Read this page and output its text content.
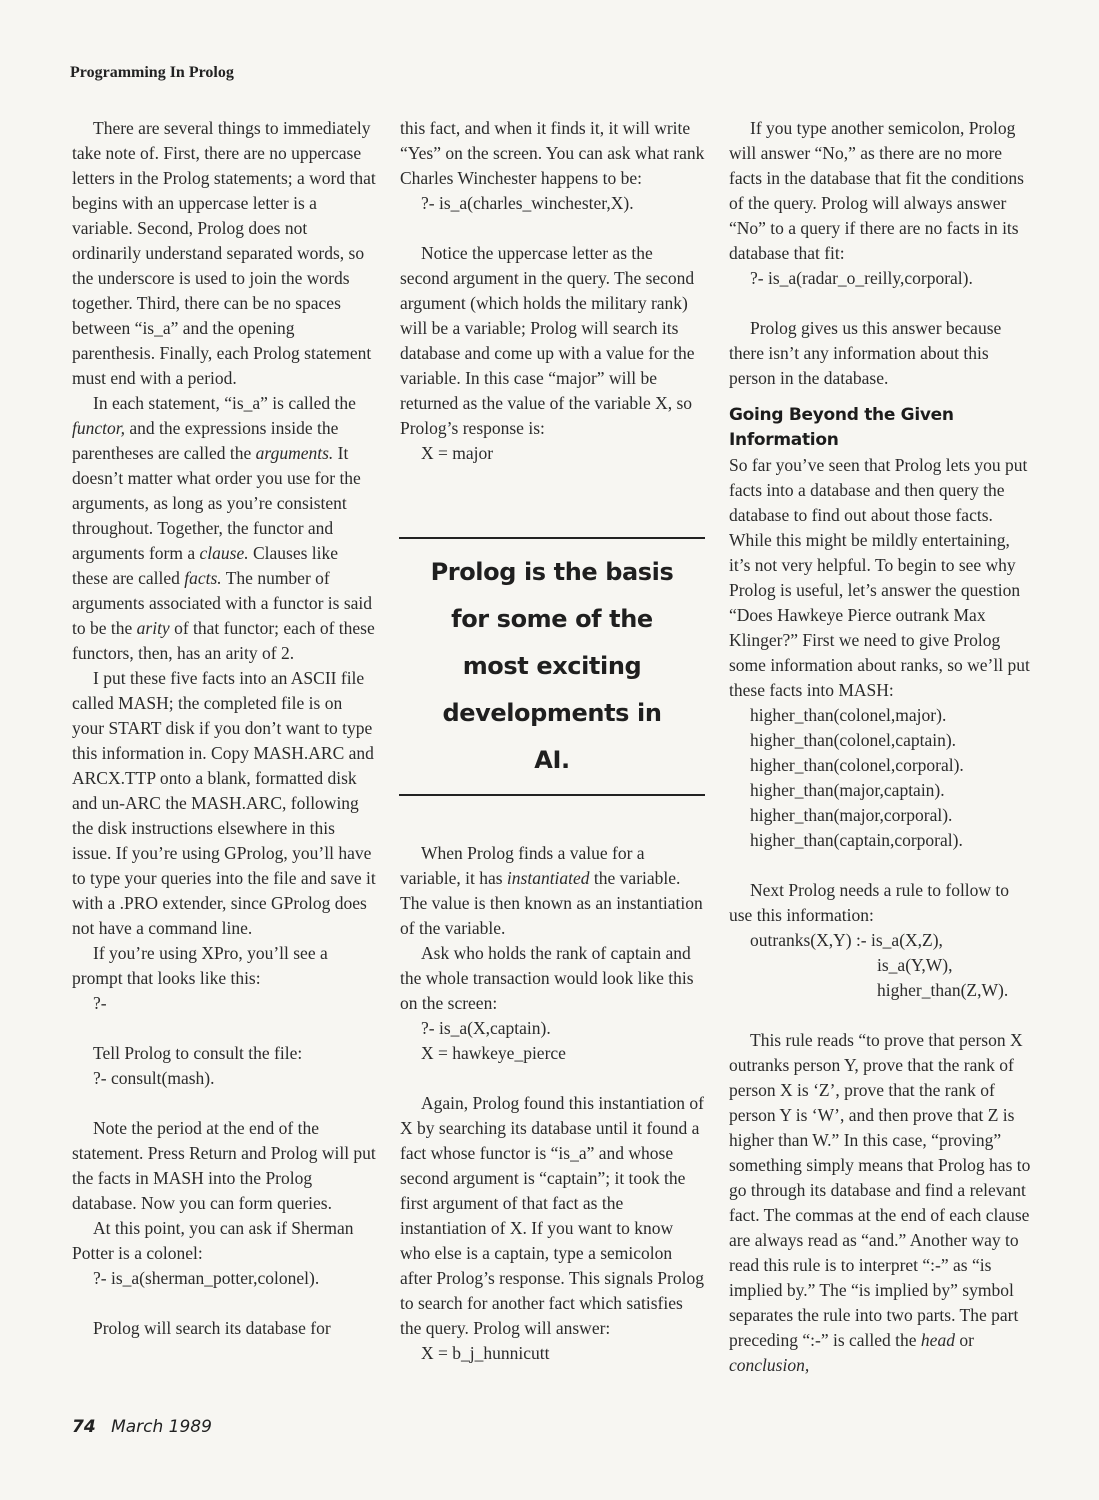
Programming In Prolog

There are several things to immediately take note of. First, there are no uppercase letters in the Prolog statements; a word that begins with an uppercase letter is a variable. Second, Prolog does not ordinarily understand separated words, so the underscore is used to join the words together. Third, there can be no spaces between “is_a” and the opening parenthesis. Finally, each Prolog statement must end with a period.

In each statement, “is_a” is called the functor, and the expressions inside the parentheses are called the arguments. It doesn’t matter what order you use for the arguments, as long as you’re consistent throughout. Together, the functor and arguments form a clause. Clauses like these are called facts. The number of arguments associated with a functor is said to be the arity of that functor; each of these functors, then, has an arity of 2.

I put these five facts into an ASCII file called MASH; the completed file is on your START disk if you don’t want to type this information in. Copy MASH.ARC and ARCX.TTP onto a blank, formatted disk and un-ARC the MASH.ARC, following the disk instructions elsewhere in this issue. If you’re using GProlog, you’ll have to type your queries into the file and save it with a .PRO extender, since GProlog does not have a command line.

If you’re using XPro, you’ll see a prompt that looks like this:

?-

Tell Prolog to consult the file:

?- consult(mash).

Note the period at the end of the statement. Press Return and Prolog will put the facts in MASH into the Prolog database. Now you can form queries.

At this point, you can ask if Sherman Potter is a colonel:

?- is_a(sherman_potter,colonel).

Prolog will search its database for

this fact, and when it finds it, it will write “Yes” on the screen. You can ask what rank Charles Winchester happens to be:

?- is_a(charles_winchester,X).

Notice the uppercase letter as the second argument in the query. The second argument (which holds the military rank) will be a variable; Prolog will search its database and come up with a value for the variable. In this case “major” will be returned as the value of the variable X, so Prolog’s response is:

X = major

Prolog is the basis for some of the most exciting developments in AI.

When Prolog finds a value for a variable, it has instantiated the variable. The value is then known as an instantiation of the variable.

Ask who holds the rank of captain and the whole transaction would look like this on the screen:

?- is_a(X,captain).

X = hawkeye_pierce

Again, Prolog found this instantiation of X by searching its database until it found a fact whose functor is “is_a” and whose second argument is “captain”; it took the first argument of that fact as the instantiation of X. If you want to know who else is a captain, type a semicolon after Prolog’s response. This signals Prolog to search for another fact which satisfies the query. Prolog will answer:

X = b_j_hunnicutt

If you type another semicolon, Prolog will answer “No,” as there are no more facts in the database that fit the conditions of the query. Prolog will always answer “No” to a query if there are no facts in its database that fit:

?- is_a(radar_o_reilly,corporal).

Prolog gives us this answer because there isn’t any information about this person in the database.

Going Beyond the Given Information

So far you’ve seen that Prolog lets you put facts into a database and then query the database to find out about those facts. While this might be mildly entertaining, it’s not very helpful. To begin to see why Prolog is useful, let’s answer the question “Does Hawkeye Pierce outrank Max Klinger?” First we need to give Prolog some information about ranks, so we’ll put these facts into MASH:

higher_than(colonel,major).

higher_than(colonel,captain).

higher_than(colonel,corporal).

higher_than(major,captain).

higher_than(major,corporal).

higher_than(captain,corporal).

Next Prolog needs a rule to follow to use this information:

outranks(X,Y) :- is_a(X,Z),

is_a(Y,W),

higher_than(Z,W).

This rule reads “to prove that person X outranks person Y, prove that the rank of person X is ‘Z’, prove that the rank of person Y is ‘W’, and then prove that Z is higher than W.” In this case, “proving” something simply means that Prolog has to go through its database and find a relevant fact. The commas at the end of each clause are always read as “and.” Another way to read this rule is to interpret “:-” as “is implied by.” The “is implied by” symbol separates the rule into two parts. The part preceding “:-” is called the head or conclusion,

74 March 1989
